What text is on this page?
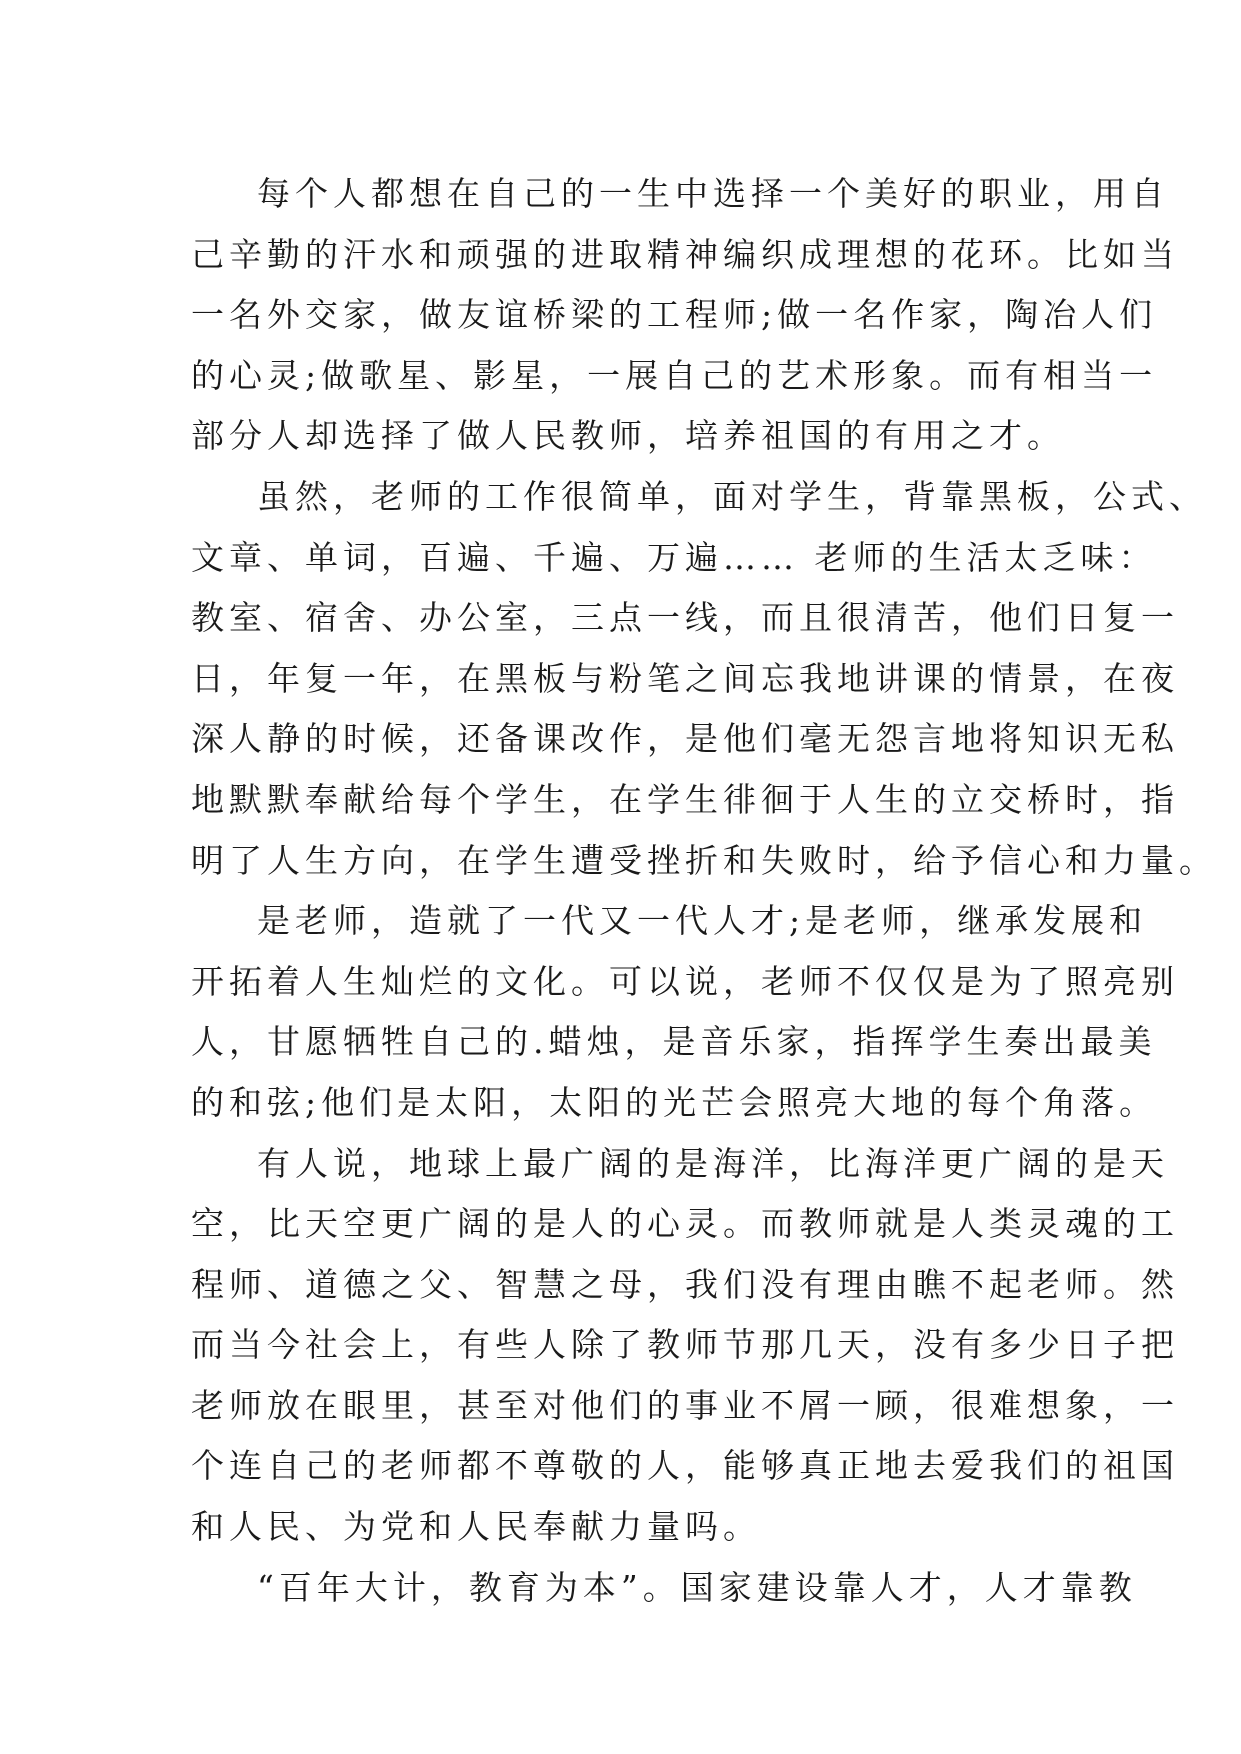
每个人都想在自己的一生中选择一个美好的职业，用自
己辛勤的汗水和顽强的进取精神编织成理想的花环。比如当
一名外交家，做友谊桥梁的工程师;做一名作家，陶冶人们
的心灵;做歌星、影星，一展自己的艺术形象。而有相当一
部分人却选择了做人民教师，培养祖国的有用之才。
虽然，老师的工作很简单，面对学生，背靠黑板，公式、
文章、单词，百遍、千遍、万遍…… 老师的生活太乏味：
教室、宿舍、办公室，三点一线，而且很清苦，他们日复一
日，年复一年，在黑板与粉笔之间忘我地讲课的情景，在夜
深人静的时候，还备课改作，是他们毫无怨言地将知识无私
地默默奉献给每个学生，在学生徘徊于人生的立交桥时，指
明了人生方向，在学生遭受挫折和失败时，给予信心和力量。
是老师，造就了一代又一代人才;是老师，继承发展和
开拓着人生灿烂的文化。可以说，老师不仅仅是为了照亮别
人，甘愿牺牲自己的.蜡烛，是音乐家，指挥学生奏出最美
的和弦;他们是太阳，太阳的光芒会照亮大地的每个角落。
有人说，地球上最广阔的是海洋，比海洋更广阔的是天
空，比天空更广阔的是人的心灵。而教师就是人类灵魂的工
程师、道德之父、智慧之母，我们没有理由瞧不起老师。然
而当今社会上，有些人除了教师节那几天，没有多少日子把
老师放在眼里，甚至对他们的事业不屑一顾，很难想象，一
个连自己的老师都不尊敬的人，能够真正地去爱我们的祖国
和人民、为党和人民奉献力量吗。
“百年大计，教育为本”。国家建设靠人才，人才靠教
